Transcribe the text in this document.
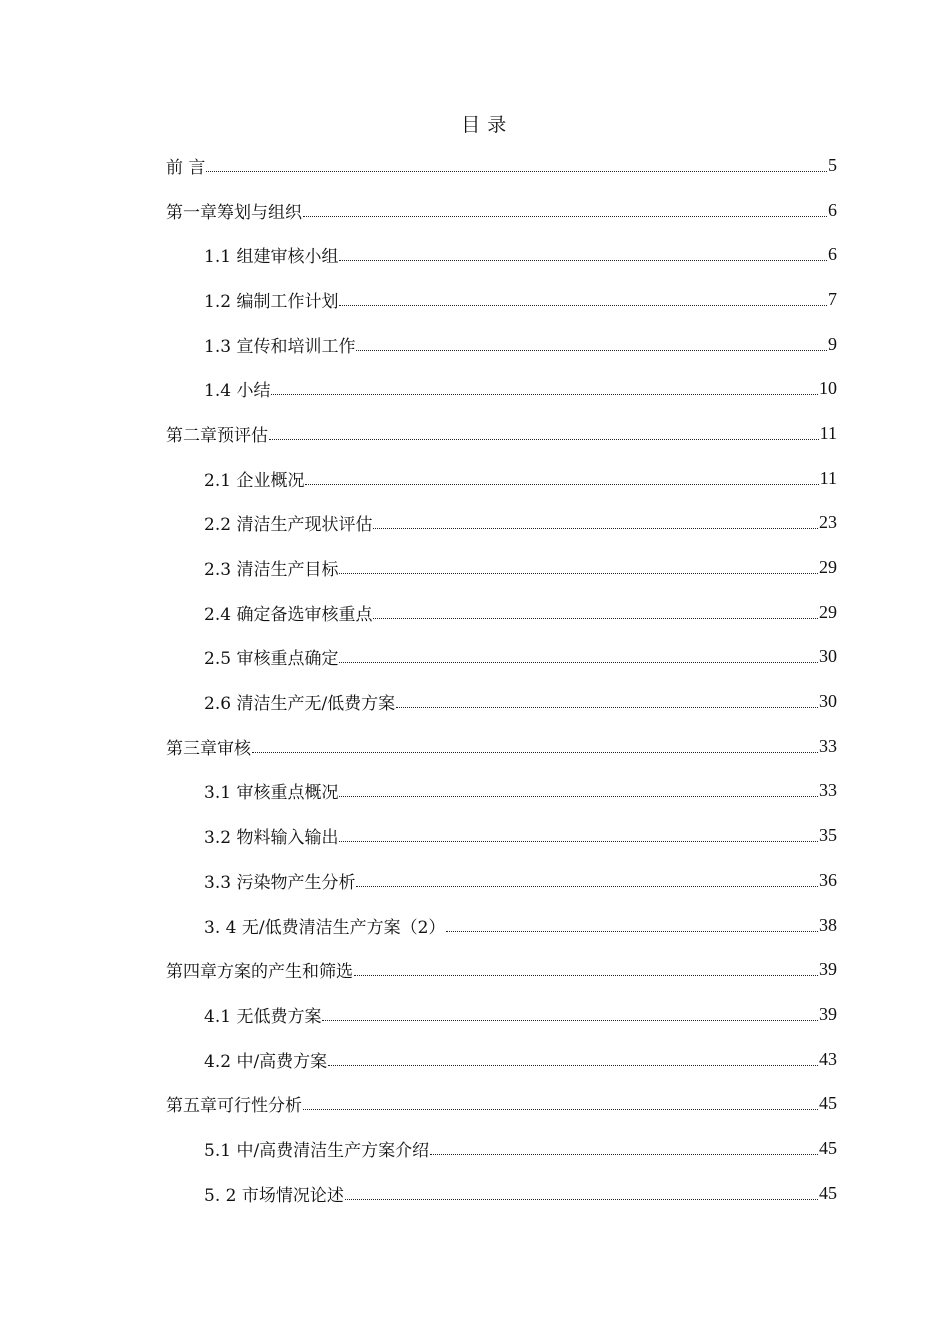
目 录
前 言	5
第一章筹划与组织	6
1.1 组建审核小组	6
1.2 编制工作计划	7
1.3 宣传和培训工作	9
1.4 小结	10
第二章预评估	11
2.1 企业概况	11
2.2 清洁生产现状评估	23
2.3 清洁生产目标	29
2.4 确定备选审核重点	29
2.5 审核重点确定	30
2.6 清洁生产无/低费方案	30
第三章审核	33
3.1 审核重点概况	33
3.2 物料输入输出	35
3.3 污染物产生分析	36
3. 4 无/低费清洁生产方案（2）	38
第四章方案的产生和筛选	39
4.1 无低费方案	39
4.2 中/高费方案	43
第五章可行性分析	45
5.1 中/高费清洁生产方案介绍	45
5. 2 市场情况论述	45
